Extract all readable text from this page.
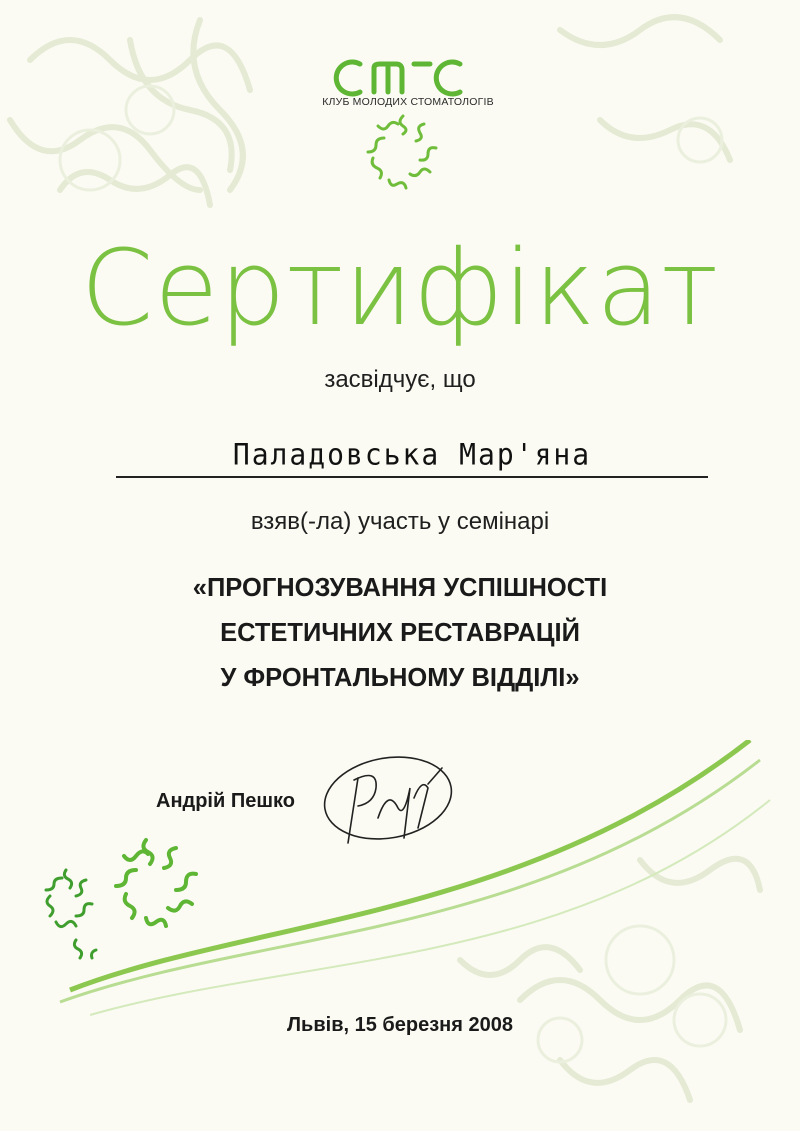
КЛУБ МОЛОДИХ СТОМАТОЛОГІВ
Сертифікат
засвідчує, що
Паладовська Мар'яна
взяв(-ла) участь у семінарі
«ПРОГНОЗУВАННЯ УСПІШНОСТІ
ЕСТЕТИЧНИХ РЕСТАВРАЦІЙ
У ФРОНТАЛЬНОМУ ВІДДІЛІ»
Андрій Пешко
Львів, 15 березня 2008
